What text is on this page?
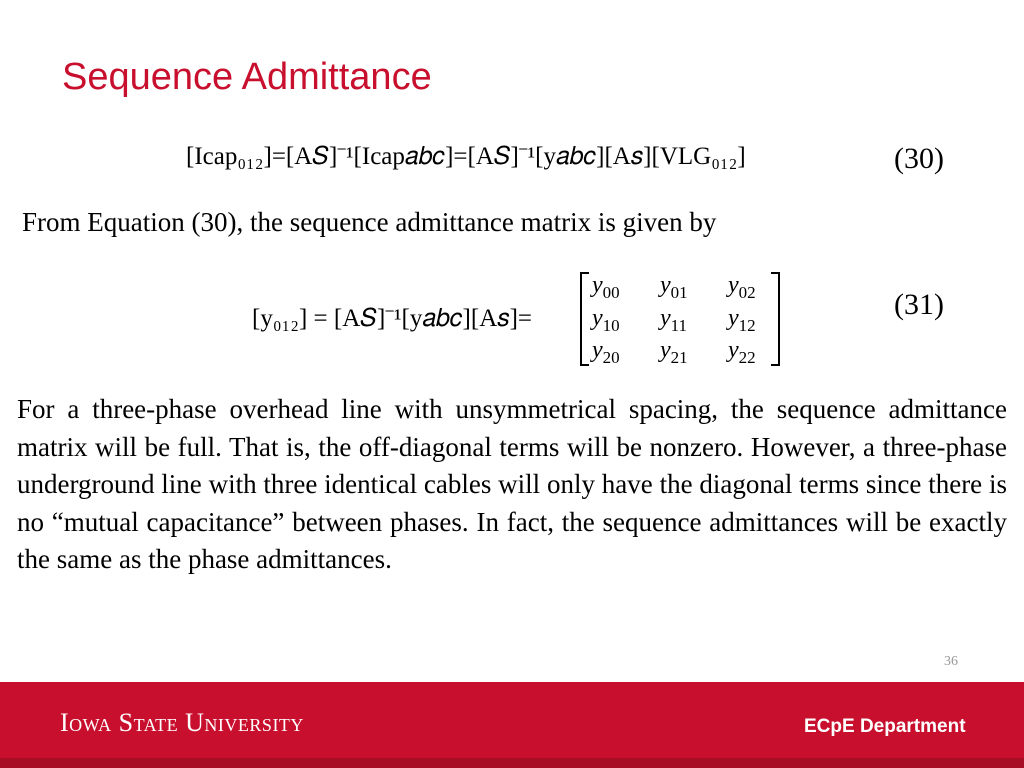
Sequence Admittance
[Icap₀₁₂]=[A𝑆]⁻¹[Icap𝑎𝑏𝑐]=[A𝑆]⁻¹[y𝑎𝑏𝑐][A𝑠][VLG₀₁₂]	(30)
From Equation (30), the sequence admittance matrix is given by
[y₀₁₂] = [A𝑆]⁻¹[y𝑎𝑏𝑐][A𝑠]=
$y_{00}$ $y_{01}$ $y_{02}$
$y_{10}$ $y_{11}$ $y_{12}$
$y_{20}$ $y_{21}$ $y_{22}$
(31)
For a three-phase overhead line with unsymmetrical spacing, the sequence admittance matrix will be full. That is, the off-diagonal terms will be nonzero. However, a three-phase underground line with three identical cables will only have the diagonal terms since there is no “mutual capacitance” between phases. In fact, the sequence admittances will be exactly the same as the phase admittances.
36
Iowa State University	ECpE Department
